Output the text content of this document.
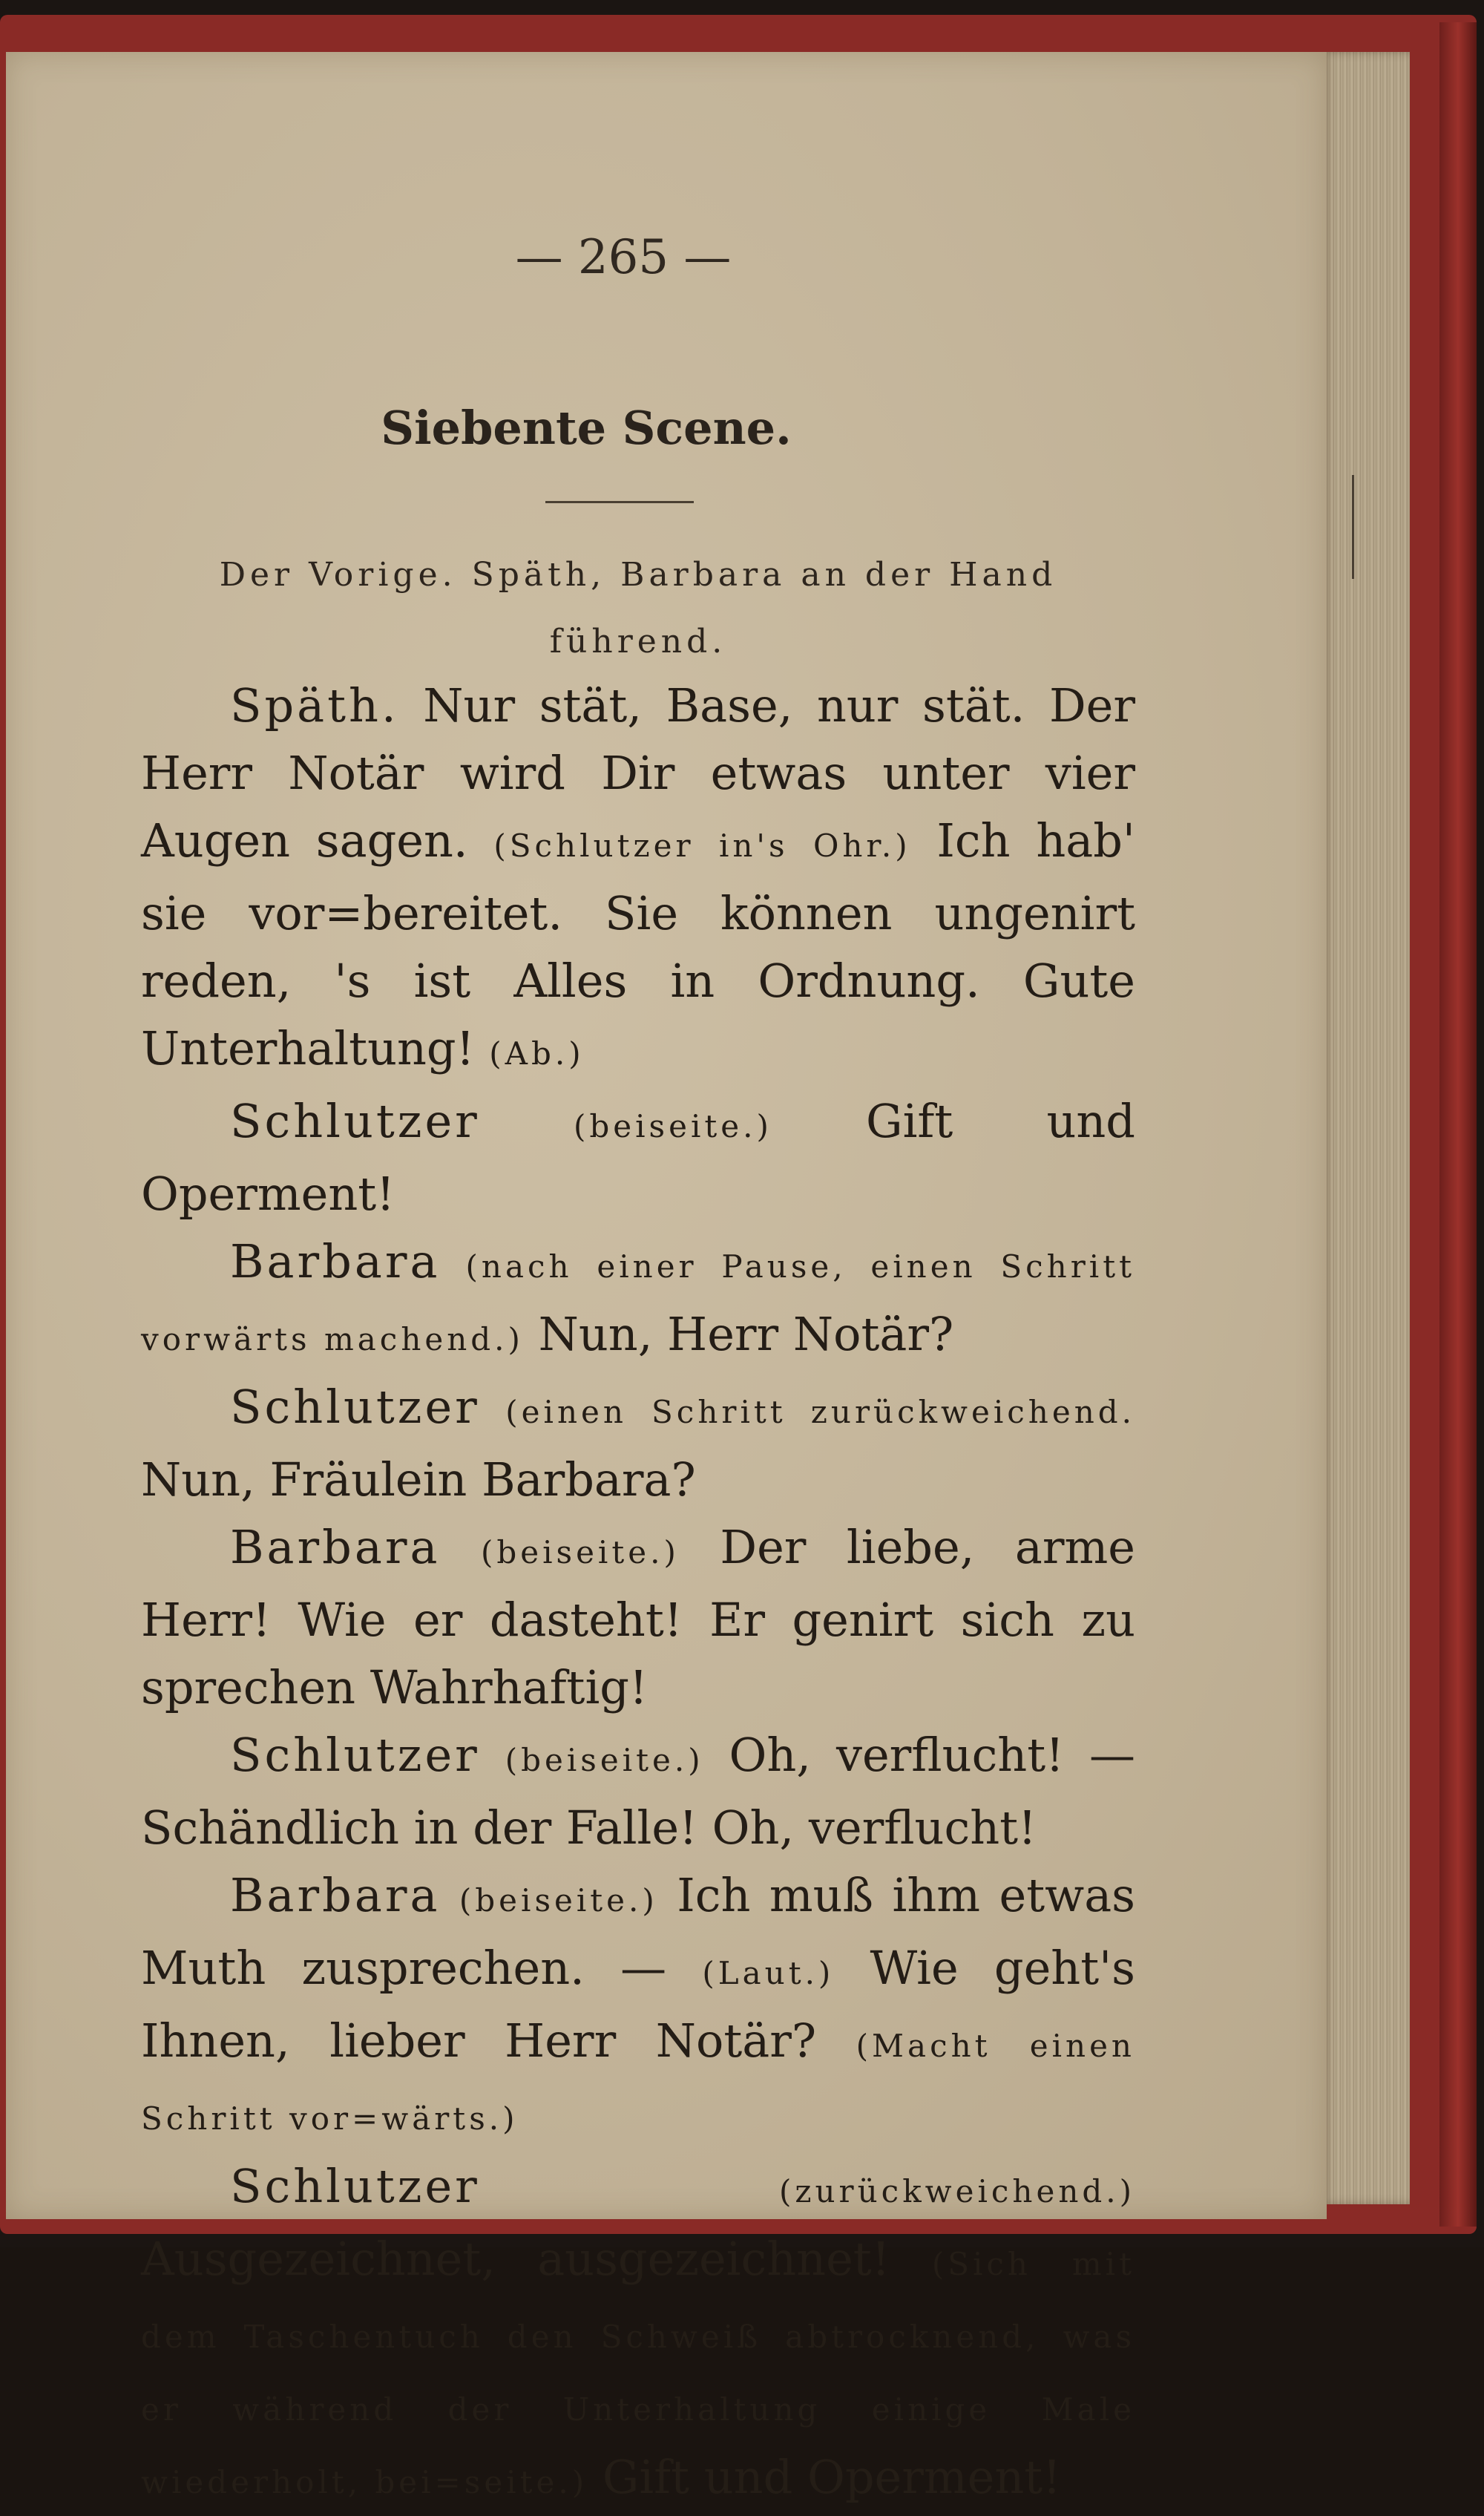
— 265 —
Siebente Scene.
Der Vorige. Späth, Barbara an der Hand
führend.

Späth. Nur stät, Base, nur stät. Der Herr Notär wird Dir etwas unter vier Augen sagen. (Schlutzer in's Ohr.) Ich hab' sie vor=bereitet. Sie können ungenirt reden, 's ist Alles in Ordnung. Gute Unterhaltung! (Ab.)

Schlutzer	(beiseite.) Gift und Operment!

Barbara (nach einer Pause, einen Schritt vorwärts machend.) Nun, Herr Notär?

Schlutzer (einen Schritt zurückweichend. Nun, Fräulein Barbara?

Barbara (beiseite.) Der liebe, arme Herr! Wie er dasteht! Er genirt sich zu sprechen Wahrhaftig!

Schlutzer (beiseite.) Oh, verflucht! — Schändlich in der Falle! Oh, verflucht!

Barbara (beiseite.) Ich muß ihm etwas Muth zusprechen. — (Laut.) Wie geht's Ihnen, lieber Herr Notär? (Macht einen Schritt vor=wärts.)

Schlutzer	(zurückweichend.) Ausgezeichnet, ausgezeichnet! (Sich mit dem Taschentuch den Schweiß abtrocknend, was er während der Unterhaltung einige Male wiederholt, bei=seite.) Gift und Operment!
